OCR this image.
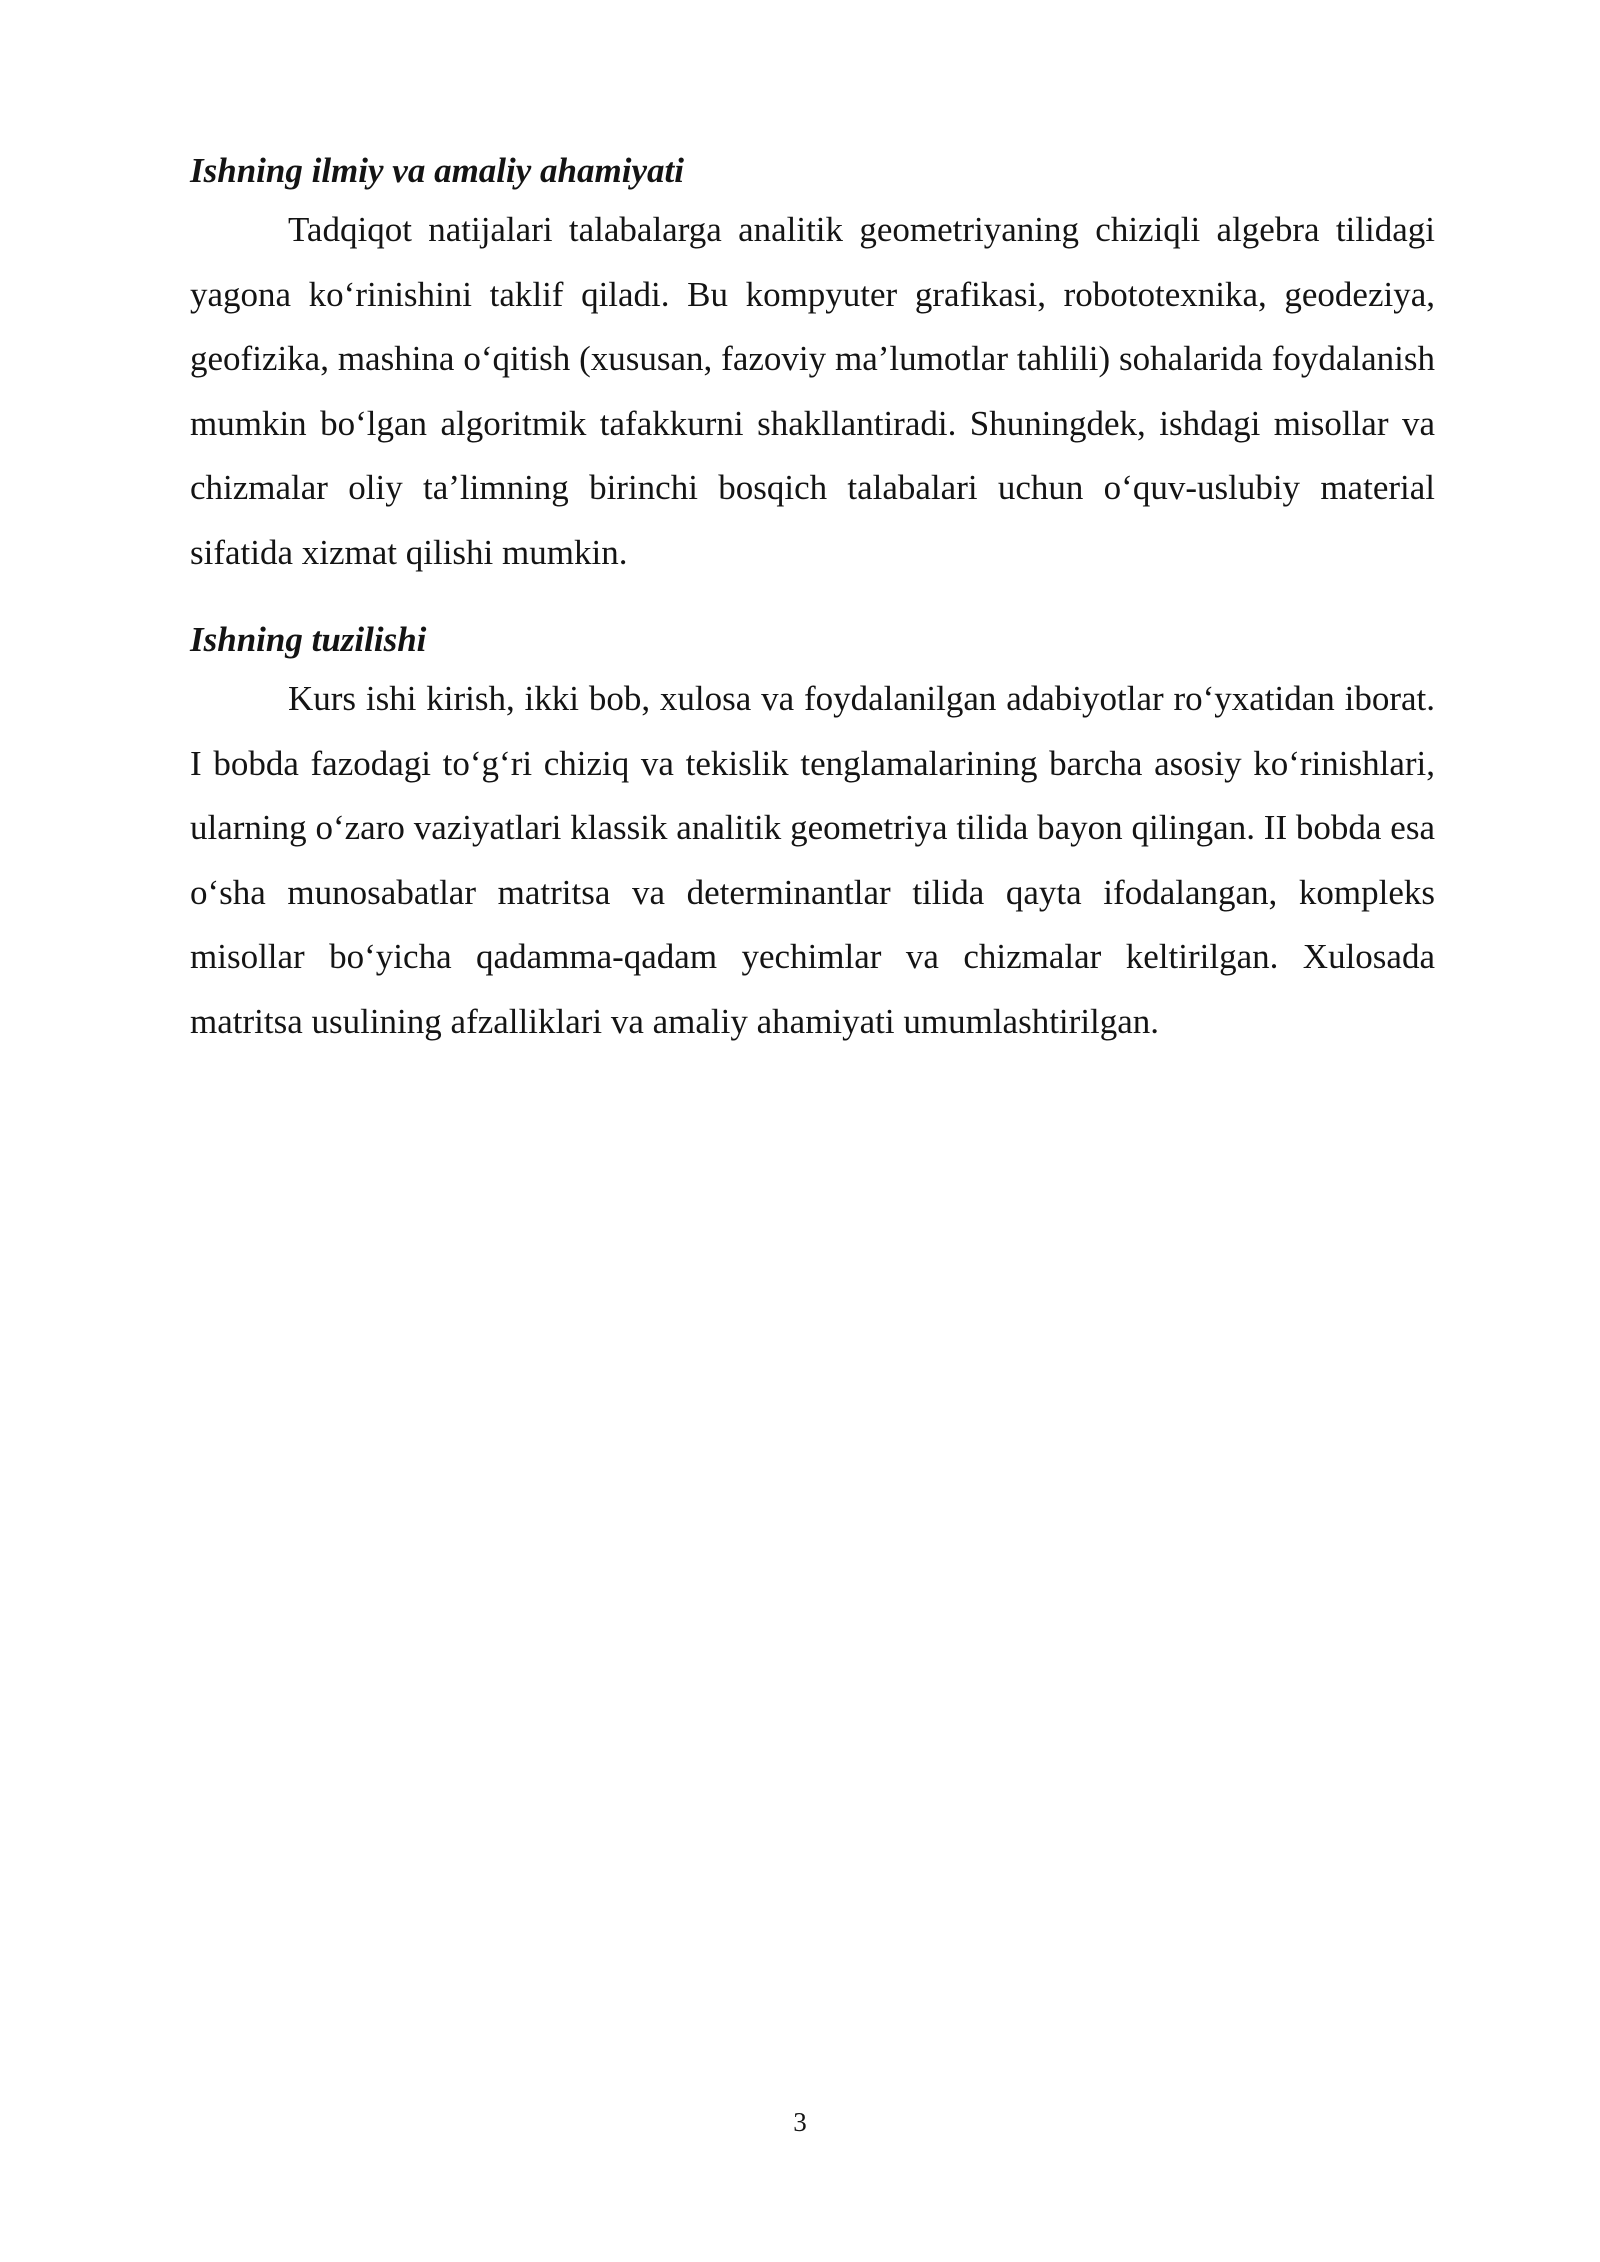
Ishning ilmiy va amaliy ahamiyati

Tadqiqot natijalari talabalarga analitik geometriyaning chiziqli algebra tilidagi yagona ko‘rinishini taklif qiladi. Bu kompyuter grafikasi, robototexnika, geodeziya, geofizika, mashina o‘qitish (xususan, fazoviy ma’lumotlar tahlili) sohalarida foydalanish mumkin bo‘lgan algoritmik tafakkurni shakllantiradi. Shuningdek, ishdagi misollar va chizmalar oliy ta’limning birinchi bosqich talabalari uchun o‘quv-uslubiy material sifatida xizmat qilishi mumkin.

Ishning tuzilishi

Kurs ishi kirish, ikki bob, xulosa va foydalanilgan adabiyotlar ro‘yxatidan iborat. I bobda fazodagi to‘g‘ri chiziq va tekislik tenglamalarining barcha asosiy ko‘rinishlari, ularning o‘zaro vaziyatlari klassik analitik geometriya tilida bayon qilingan. II bobda esa o‘sha munosabatlar matritsa va determinantlar tilida qayta ifodalangan, kompleks misollar bo‘yicha qadamma-qadam yechimlar va chizmalar keltirilgan. Xulosada matritsa usulining afzalliklari va amaliy ahamiyati umumlashtirilgan.

3
